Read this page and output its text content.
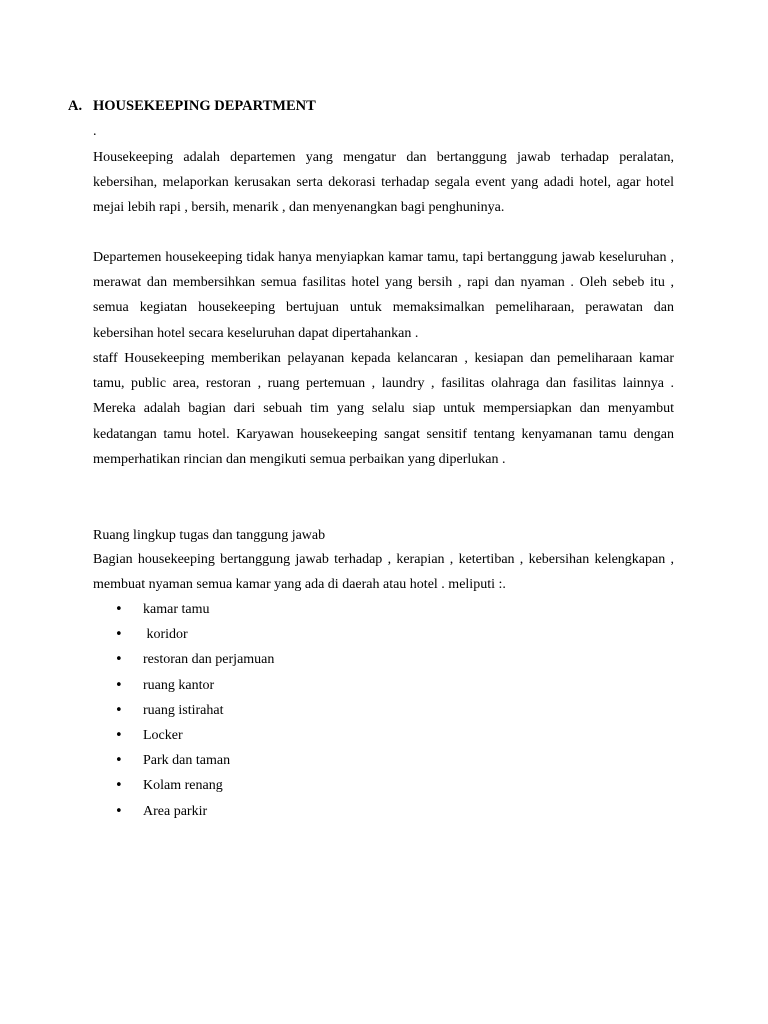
A. HOUSEKEEPING DEPARTMENT
.

Housekeeping adalah departemen yang mengatur dan bertanggung jawab terhadap peralatan, kebersihan, melaporkan kerusakan serta dekorasi terhadap segala event yang adadi hotel, agar hotel mejai lebih rapi , bersih, menarik , dan menyenangkan bagi penghuninya.

Departemen housekeeping tidak hanya menyiapkan kamar tamu, tapi bertanggung jawab keseluruhan , merawat dan membersihkan semua fasilitas hotel yang bersih , rapi dan nyaman . Oleh sebeb itu , semua kegiatan housekeeping bertujuan untuk memaksimalkan pemeliharaan, perawatan dan kebersihan hotel secara keseluruhan dapat dipertahankan .

staff Housekeeping memberikan pelayanan kepada kelancaran , kesiapan dan pemeliharaan kamar tamu, public area, restoran , ruang pertemuan , laundry , fasilitas olahraga dan fasilitas lainnya . Mereka adalah bagian dari sebuah tim yang selalu siap untuk mempersiapkan dan menyambut kedatangan tamu hotel. Karyawan housekeeping sangat sensitif tentang kenyamanan tamu dengan memperhatikan rincian dan mengikuti semua perbaikan yang diperlukan .

Ruang lingkup tugas dan tanggung jawab

Bagian housekeeping bertanggung jawab terhadap , kerapian , ketertiban , kebersihan kelengkapan , membuat nyaman semua kamar yang ada di daerah atau hotel . meliputi :.

• kamar tamu
• koridor
• restoran dan perjamuan
• ruang kantor
• ruang istirahat
• Locker
• Park dan taman
• Kolam renang
• Area parkir
